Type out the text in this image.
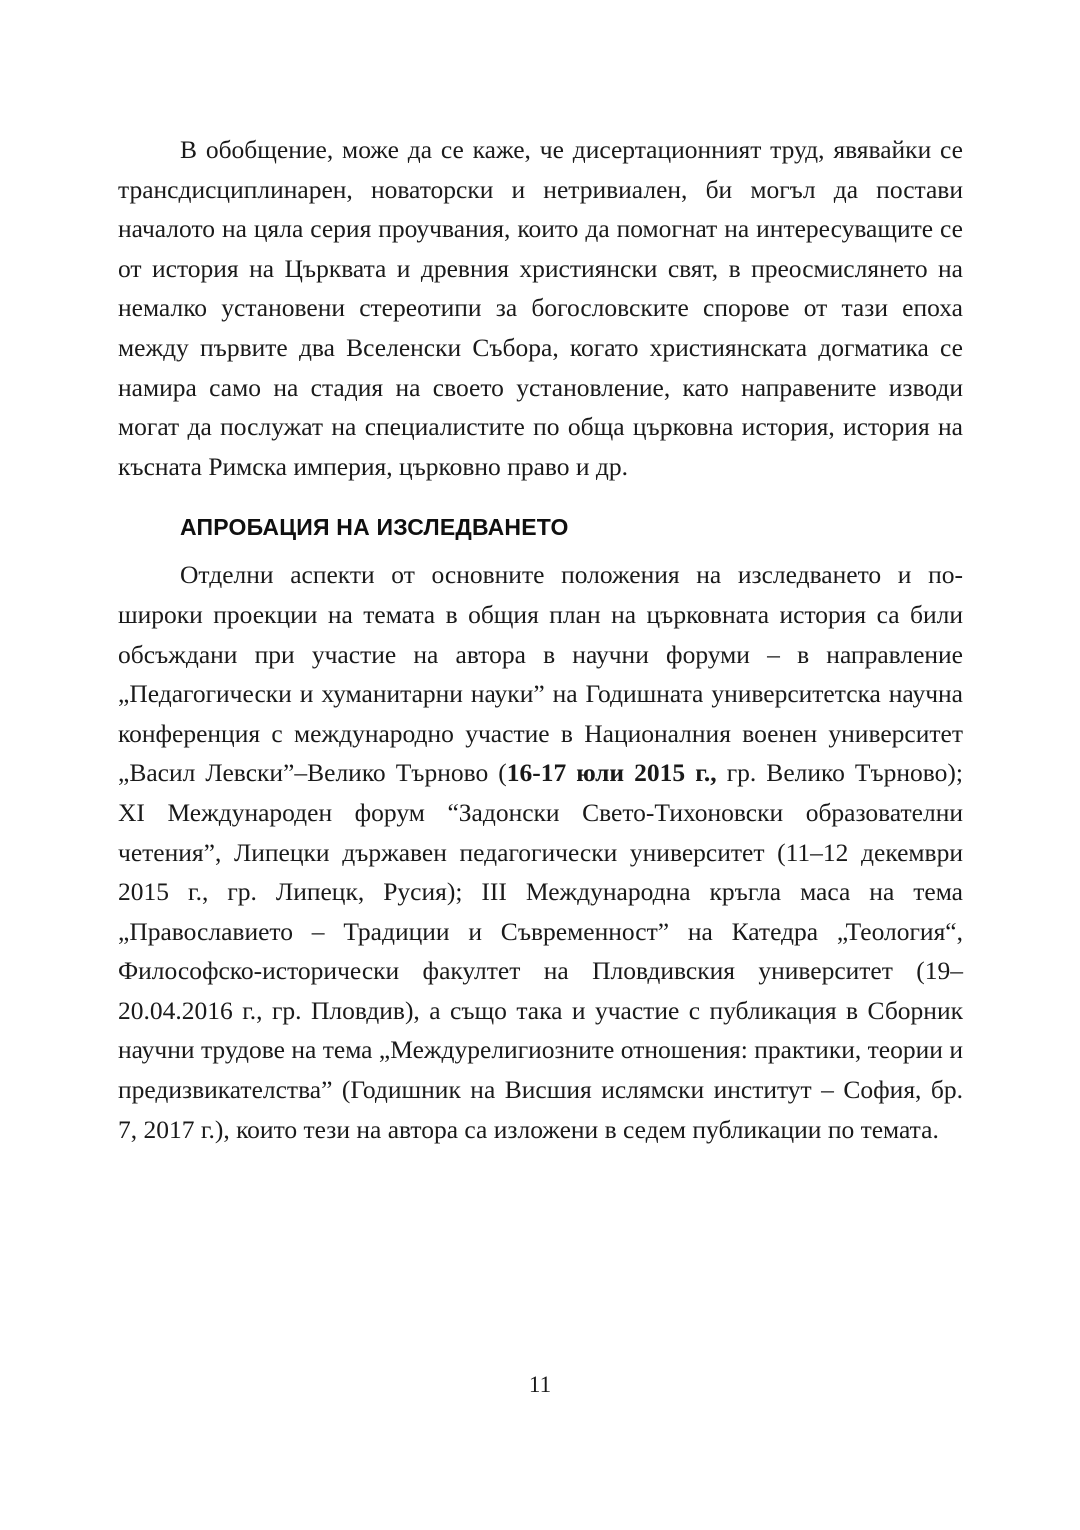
В обобщение, може да се каже, че дисертационният труд, явявайки се трансдисциплинарен, новаторски и нетривиален, би могъл да постави началото на цяла серия проучвания, които да помогнат на интересуващите се от история на Църквата и древния християнски свят, в преосмислянето на немалко установени стереотипи за богословските спорове от тази епоха между първите два Вселенски Събора, когато християнската догматика се намира само на стадия на своето установление, като направените изводи могат да послужат на специалистите по обща църковна история, история на късната Римска империя, църковно право и др.

АПРОБАЦИЯ НА ИЗСЛЕДВАНЕТО

Отделни аспекти от основните положения на изследването и по-широки проекции на темата в общия план на църковната история са били обсъждани при участие на автора в научни форуми – в направление „Педагогически и хуманитарни науки” на Годишната университетска научна конференция с международно участие в Националния военен университет „Васил Левски”–Велико Търново (16-17 юли 2015 г., гр. Велико Търново); XI Международен форум “Задонски Свето-Тихоновски образователни четения”, Липецки държавен педагогически университет (11–12 декември 2015 г., гр. Липецк, Русия); III Международна кръгла маса на тема „Православието – Традиции и Съвременност” на Катедра „Теология“, Философско-исторически факултет на Пловдивския университет (19–20.04.2016 г., гр. Пловдив), а също така и участие с публикация в Сборник научни трудове на тема „Междурелигиозните отношения: практики, теории и предизвикателства” (Годишник на Висшия ислямски институт – София, бр. 7, 2017 г.), които тези на автора са изложени в седем публикации по темата.

11
